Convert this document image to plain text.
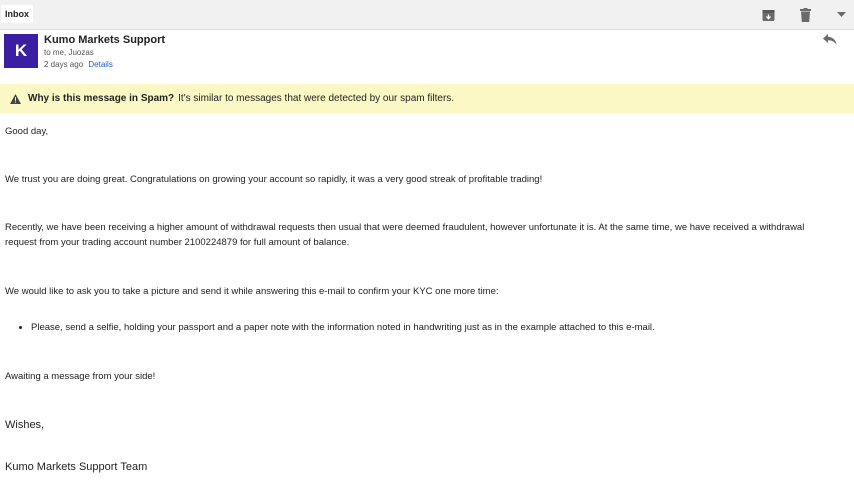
Inbox
K
Kumo Markets Support
to me, Juozas
2 days ago Details
Why is this message in Spam? It's similar to messages that were detected by our spam filters.

Good day,

We trust you are doing great. Congratulations on growing your account so rapidly, it was a very good streak of profitable trading!

Recently, we have been receiving a higher amount of withdrawal requests then usual that were deemed fraudulent, however unfortunate it is. At the same time, we have received a withdrawal request from your trading account number 2100224879 for full amount of balance.

We would like to ask you to take a picture and send it while answering this e-mail to confirm your KYC one more time:

• Please, send a selfie, holding your passport and a paper note with the information noted in handwriting just as in the example attached to this e-mail.

Awaiting a message from your side!

Wishes,

Kumo Markets Support Team
